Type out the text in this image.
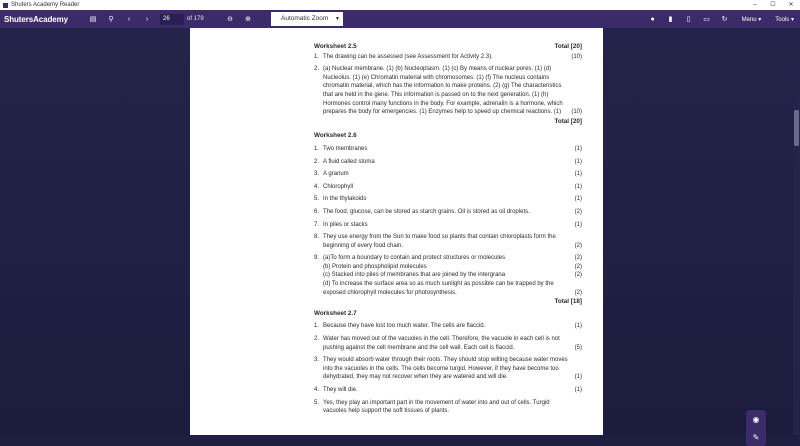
Shuters Academy Reader	–	☐	✕
ShutersAcademy	▤	⚲	‹	›	26	of 179	⊖	⊕	Automatic Zoom ▼	●	▮	▯	▭	↻	Menu ▾ Tools ▾
Worksheet 2.5	Total [20]
1. The drawing can be assessed (see Assessment for Activity 2.3).	(10)
2. (a) Nuclear membrane. (1) (b) Nucleoplasm. (1) (c) By means of nuclear pores. (1) (d) Nucleolus. (1) (e) Chromatin material with chromosomes. (1) (f) The nucleus contains chromatin material, which has the information to make proteins. (2) (g) The characteristics that are held in the gene. This information is passed on to the next generation. (1) (h) Hormones control many functions in the body. For example, adrenalin is a hormone, which prepares the body for emergencies. (1) Enzymes help to speed up chemical reactions. (1)	(10)
Total [20]
Worksheet 2.6
1. Two membranes	(1)
2. A fluid called stoma	(1)
3. A granum	(1)
4. Chlorophyll	(1)
5. In the thylakoids	(1)
6. The food, glucose, can be stored as starch grains. Oil is stored as oil droplets.	(2)
7. In piles or stacks	(1)
8. They use energy from the Sun to make food so plants that contain chloroplasts form the beginning of every food chain.	(2)
9. (a)To form a boundary to contain and protect structures or molecules	(2)
(b) Protein and phospholipid molecules	(2)
(c) Stacked into piles of membranes that are joined by the intergrana	(2)
(d) To increase the surface area so as much sunlight as possible can be trapped by the exposed chlorophyll molecules for photosynthesis.	(2)
Total [18]
Worksheet 2.7
1. Because they have lost too much water. The cells are flaccid.	(1)
2. Water has moved out of the vacuoles in the cell. Therefore, the vacuole in each cell is not pushing against the cell membrane and the cell wall. Each cell is flaccid.	(5)
3. They would absorb water through their roots. They should stop wilting because water moves into the vacuoles in the cells. The cells become turgid. However, if they have become too dehydrated, they may not recover when they are watered and will die.	(1)
4. They will die.	(1)
5. Yes, they play an important part in the movement of water into and out of cells. Turgid vacuoles help support the soft tissues of plants.
◉
✎
